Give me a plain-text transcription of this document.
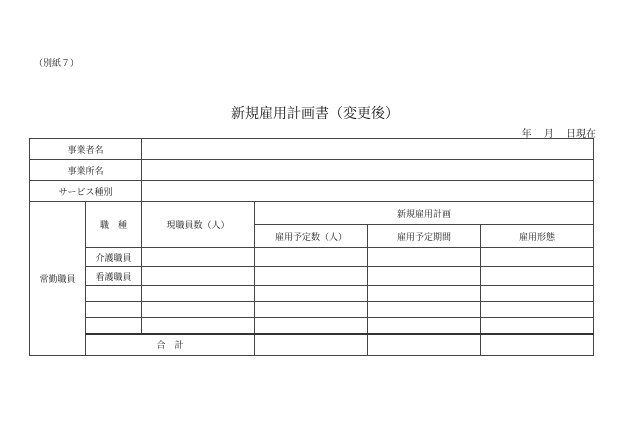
（別紙７）
新規雇用計画書（変更後）
年 月 日現在
事業者名						
事業所名						
サービス種別						
常勤職員	職　種	現職員数（人）	新規雇用計画			
			雇用予定数（人）	雇用予定期間	雇用形態	
	介護職員					
	看護職員					

	合　計					
